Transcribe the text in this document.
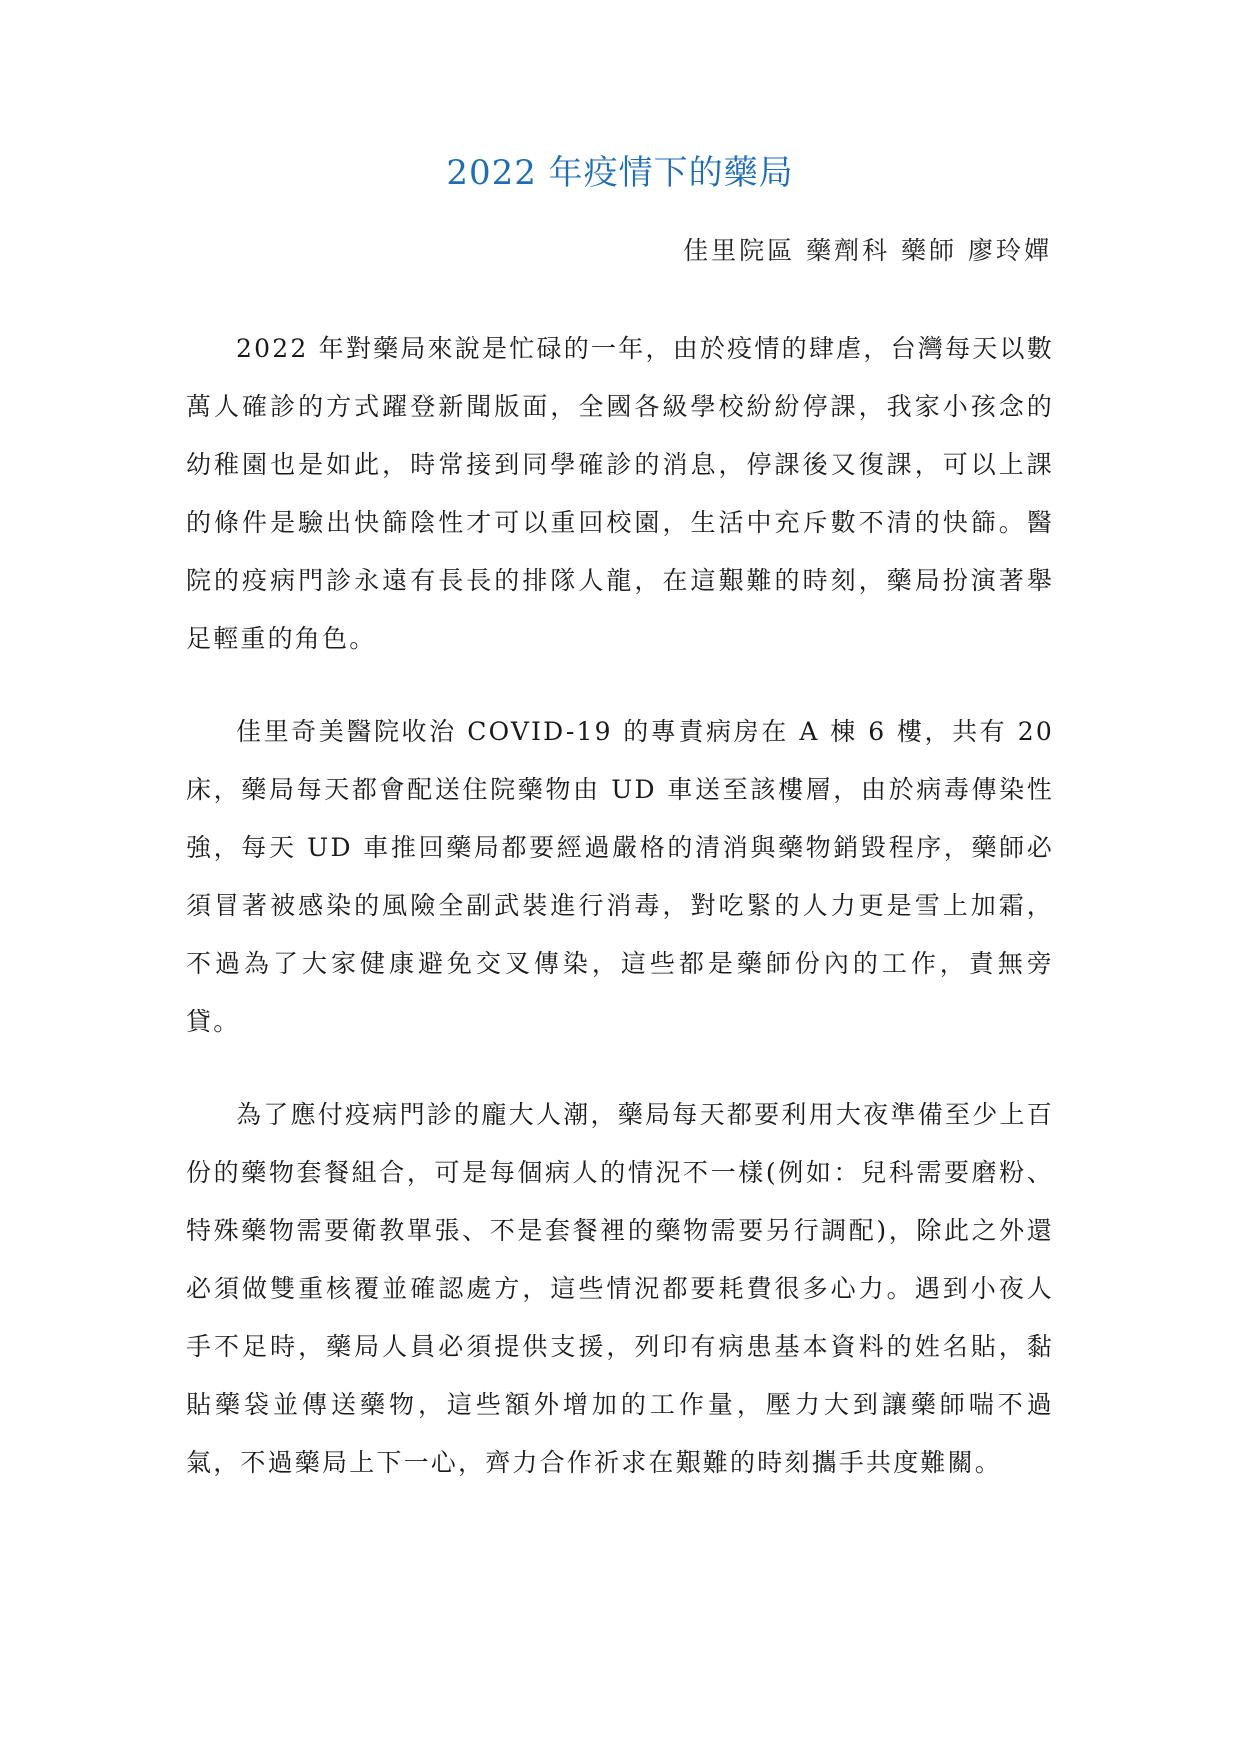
2022 年疫情下的藥局
佳里院區 藥劑科 藥師 廖玲嬋

2022 年對藥局來說是忙碌的一年，由於疫情的肆虐，台灣每天以數萬人確診的方式躍登新聞版面，全國各級學校紛紛停課，我家小孩念的幼稚園也是如此，時常接到同學確診的消息，停課後又復課，可以上課的條件是驗出快篩陰性才可以重回校園，生活中充斥數不清的快篩。醫院的疫病門診永遠有長長的排隊人龍，在這艱難的時刻，藥局扮演著舉足輕重的角色。

佳里奇美醫院收治 COVID-19 的專責病房在 A 棟 6 樓，共有 20 床，藥局每天都會配送住院藥物由 UD 車送至該樓層，由於病毒傳染性強，每天 UD 車推回藥局都要經過嚴格的清消與藥物銷毀程序，藥師必須冒著被感染的風險全副武裝進行消毒，對吃緊的人力更是雪上加霜，不過為了大家健康避免交叉傳染，這些都是藥師份內的工作，責無旁貸。

為了應付疫病門診的龐大人潮，藥局每天都要利用大夜準備至少上百份的藥物套餐組合，可是每個病人的情況不一樣(例如：兒科需要磨粉、特殊藥物需要衛教單張、不是套餐裡的藥物需要另行調配)，除此之外還必須做雙重核覆並確認處方，這些情況都要耗費很多心力。遇到小夜人手不足時，藥局人員必須提供支援，列印有病患基本資料的姓名貼，黏貼藥袋並傳送藥物，這些額外增加的工作量，壓力大到讓藥師喘不過氣，不過藥局上下一心，齊力合作祈求在艱難的時刻攜手共度難關。
